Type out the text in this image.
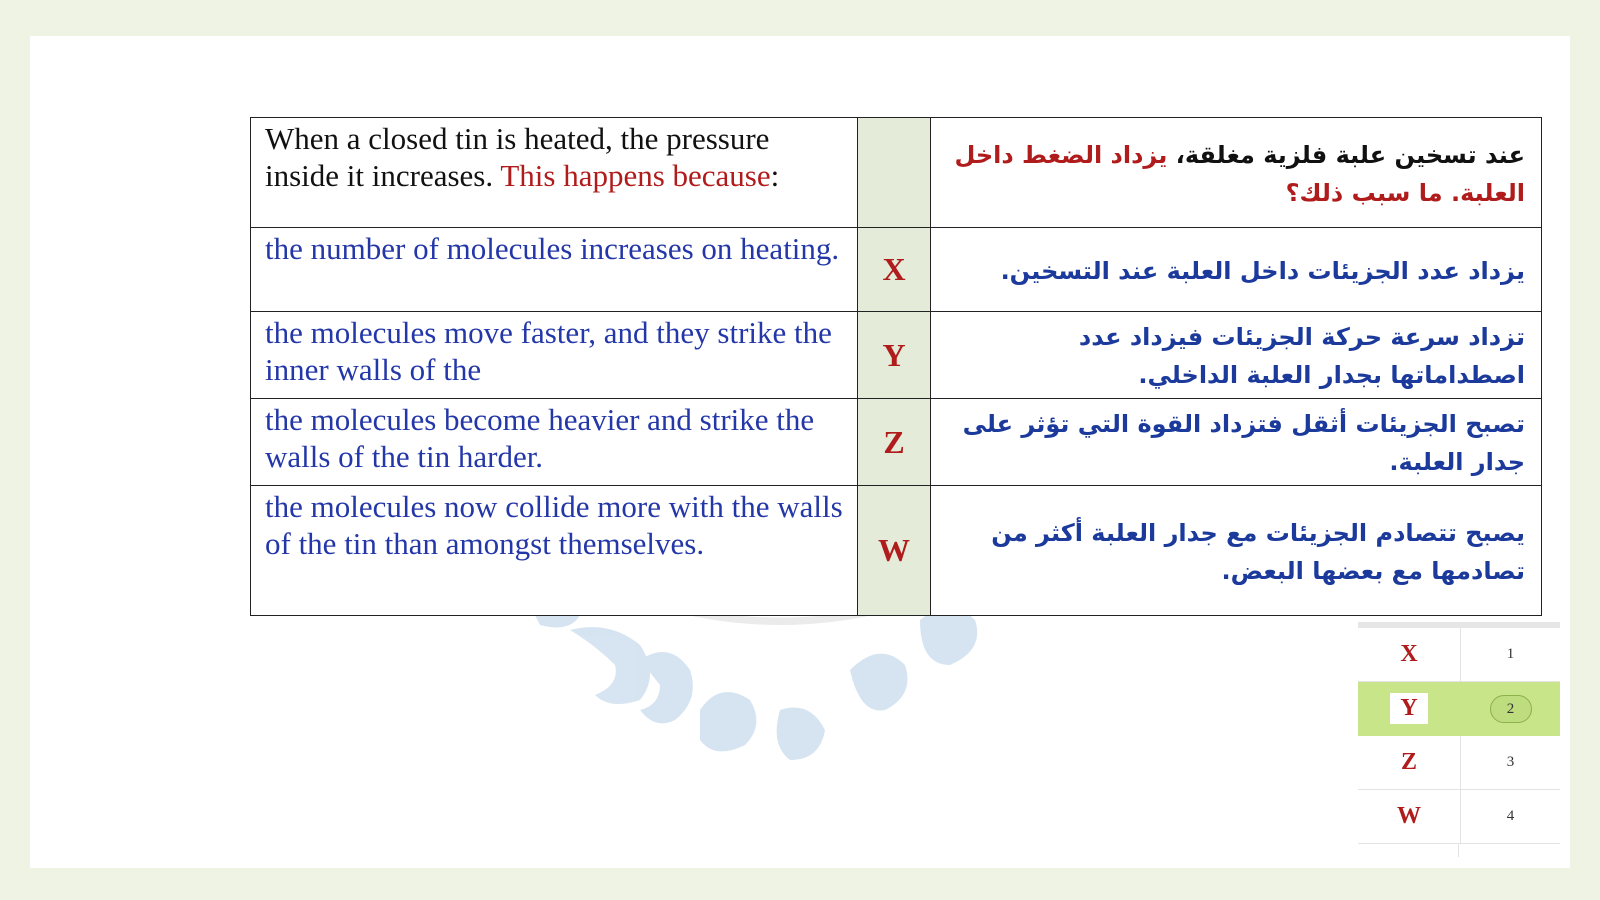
When a closed tin is heated, the pressure inside it increases. This happens because:		عند تسخين علبة فلزية مغلقة، يزداد الضغط داخل العلبة. ما سبب ذلك؟
the number of molecules increases on heating.	X	يزداد عدد الجزيئات داخل العلبة عند التسخين.
the molecules move faster, and they strike the inner walls of the	Y	تزداد سرعة حركة الجزيئات فيزداد عدد اصطداماتها بجدار العلبة الداخلي.
the molecules become heavier and strike the walls of the tin harder.	Z	تصبح الجزيئات أثقل فتزداد القوة التي تؤثر على جدار العلبة.
the molecules now collide more with the walls of the tin than amongst themselves.	W	يصبح تتصادم الجزيئات مع جدار العلبة أكثر من تصادمها مع بعضها البعض.
X	1
Y	2
Z	3
W	4
